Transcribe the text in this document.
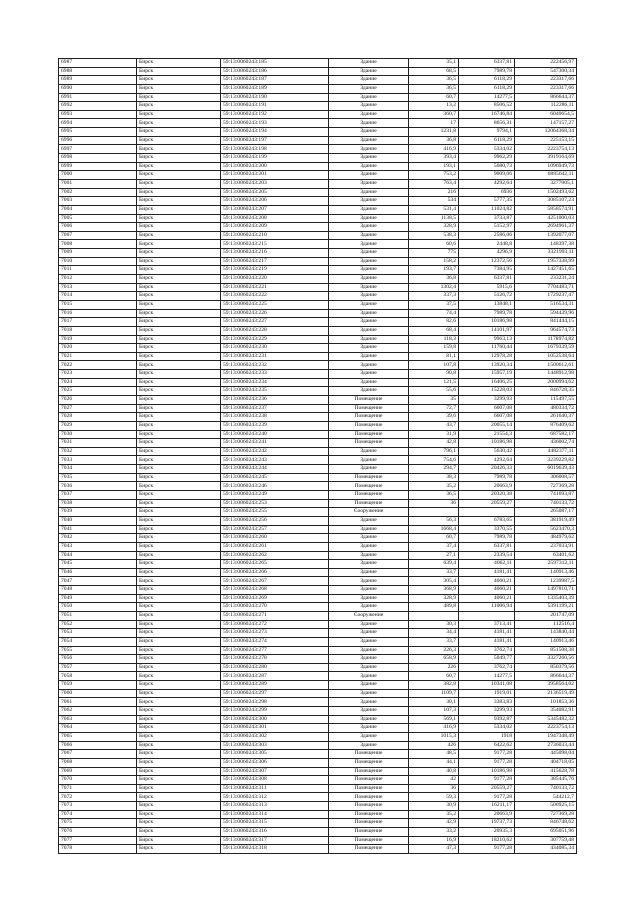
6987	Бирск	59:13:0060243:185	Здание	35,1	6337,81	222456,97
6988	Бирск	59:13:0060243:186	Здание	68,5	7989,78	547300,34
6989	Бирск	59:13:0060243:187	Здание	36,5	6118,29	223317,66
6990	Бирск	59:13:0060243:189	Здание	36,5	6118,29	223317,66
6991	Бирск	59:13:0060243:190	Здание	60,7	14277,5	866644,37
6992	Бирск	59:13:0060243:191	Здание	13,2	8506,52	112286,11
6993	Бирск	59:13:0060243:192	Здание	360,7	16746,84	6040654,5
6994	Бирск	59:13:0060243:193	Здание	17	8656,31	147157,27
6995	Бирск	59:13:0060243:194	Здание	1231,8	9794,1	12064368,34
6996	Бирск	59:13:0060243:197	Здание	36,8	6118,29	225153,15
6997	Бирск	59:13:0060243:198	Здание	416,9	5334,02	2223754,13
6998	Бирск	59:13:0060243:199	Здание	393,4	9962,29	3919164,69
6999	Бирск	59:13:0060243:200	Здание	193,1	5680,73	1096949,73
7000	Бирск	59:13:0060243:201	Здание	753,2	9009,06	6885642,11
7001	Бирск	59:13:0060243:203	Здание	763,4	4292,64	3277005,1
7002	Бирск	59:13:0060243:205	Здание	216	6936	1502493,62
7003	Бирск	59:13:0060243:206	Здание	534	5777,35	3085107,23
7004	Бирск	59:13:0060243:207	Здание	531,4	11024,82	5858574,91
7005	Бирск	59:13:0060243:208	Здание	1138,5	3733,87	4251000,03
7006	Бирск	59:13:0060243:209	Здание	328,9	5152,97	2694961,37
7007	Бирск	59:13:0060243:210	Здание	538,3	2586,06	1392077,07
7008	Бирск	59:13:0060243:215	Здание	60,6	2448,8	148397,38
7009	Бирск	59:13:0060243:216	Здание	775	4296,9	3321993,11
7010	Бирск	59:13:0060243:217	Здание	158,2	12372,56	1957338,99
7011	Бирск	59:13:0060243:219	Здание	193,7	7384,95	1427451,65
7012	Бирск	59:13:0060243:220	Здание	36,8	6337,81	233231,24
7013	Бирск	59:13:0060243:221	Здание	1302,4	5915,6	7704483,71
7014	Бирск	59:13:0060243:222	Здание	337,3	5126,72	1729237,47
7015	Бирск	59:13:0060243:225	Здание	37,5	13848,1	516534,31
7016	Бирск	59:13:0060243:226	Здание	74,4	7989,78	594439,96
7017	Бирск	59:13:0060243:227	Здание	82,6	10186,98	841444,15
7018	Бирск	59:13:0060243:228	Здание	68,4	14101,97	964574,73
7019	Бирск	59:13:0060243:229	Здание	118,3	9963,13	1178974,82
7020	Бирск	59:13:0060243:230	Здание	159,8	11760,44	1679339,59
7021	Бирск	59:13:0060243:231	Здание	81,1	12978,28	1052538,64
7022	Бирск	59:13:0060243:232	Здание	107,8	13920,34	1500612,61
7023	Бирск	59:13:0060243:233	Здание	90,8	15957,19	1448912,98
7024	Бирск	59:13:0060243:234	Здание	121,5	16406,25	2000994,62
7025	Бирск	59:13:0060243:235	Здание	55,6	15228,03	846728,35
7026	Бирск	59:13:0060243:236	Помещение	35	3299,93	115497,55
7027	Бирск	59:13:0060243:237	Помещение	72,7	6607,08	480334,72
7028	Бирск	59:13:0060243:238	Помещение	39,6	6607,08	261640,37
7029	Бирск	59:13:0060243:239	Помещение	43,7	20055,14	876409,62
7030	Бирск	59:13:0060243:240	Помещение	31,9	21554,3	687582,17
7031	Бирск	59:13:0060243:241	Помещение	42,8	10186,98	436002,74
7032	Бирск	59:13:0060243:242	Здание	796,1	5630,42	4482377,11
7033	Бирск	59:13:0060243:243	Здание	754,6	4292,64	3239229,82
7034	Бирск	59:13:0060243:244	Здание	294,7	20426,33	6019639,43
7035	Бирск	59:13:0060243:245	Помещение	38,3	7989,78	306008,57
7036	Бирск	59:13:0060243:246	Помещение	35,2	20663,9	727369,28
7037	Бирск	59:13:0060243:249	Помещение	36,5	20320,38	741693,87
7038	Бирск	59:13:0060243:253	Помещение	36	20559,27	740133,72
7039	Бирск	59:13:0060243:255	Сооружение			265087,17
7040	Бирск	59:13:0060243:256	Здание	56,3	6783,65	381919,49
7041	Бирск	59:13:0060243:257	Здание	1668,4	3370,55	5623470,3
7042	Бирск	59:13:0060243:260	Здание	60,7	7989,78	484979,62
7043	Бирск	59:13:0060243:261	Здание	37,4	6337,81	237033,91
7044	Бирск	59:13:0060243:262	Здание	27,1	2339,54	63401,62
7045	Бирск	59:13:0060243:265	Здание	639,4	4062,11	2597312,11
7046	Бирск	59:13:0060243:266	Здание	33,7	4181,41	140913,46
7047	Бирск	59:13:0060243:267	Здание	305,4	4060,21	1239987,5
7048	Бирск	59:13:0060243:268	Здание	368,9	4060,21	1497810,71
7049	Бирск	59:13:0060243:269	Здание	328,9	4060,21	1335403,39
7050	Бирск	59:13:0060243:270	Здание	489,8	11006,94	5391199,21
7051	Бирск	59:13:0060243:271	Сооружение			201747,09
7052	Бирск	59:13:0060243:272	Здание	30,3	3713,41	112516,4
7053	Бирск	59:13:0060243:273	Здание	34,4	4181,41	143840,44
7054	Бирск	59:13:0060243:274	Здание	33,7	4181,41	140913,46
7055	Бирск	59:13:0060243:277	Здание	226,3	3762,74	851508,38
7056	Бирск	59:13:0060243:278	Здание	658,9	5049,77	3327260,56
7057	Бирск	59:13:0060243:280	Здание	226	3762,74	850379,56
7058	Бирск	59:13:0060243:287	Здание	60,7	14277,5	866644,37
7059	Бирск	59:13:0060243:289	Здание	382,8	10341,08	3958564,02
7060	Бирск	59:13:0060243:297	Здание	1109,7	1919,01	2136519,49
7061	Бирск	59:13:0060243:298	Здание	30,1	3383,83	101853,36
7062	Бирск	59:13:0060243:299	Здание	107,3	3299,93	354082,91
7063	Бирск	59:13:0060243:300	Здание	569,1	9392,87	5345482,32
7064	Бирск	59:13:0060243:301	Здание	416,9	5334,02	2223754,13
7065	Бирск	59:13:0060243:302	Здание	1015,3	1918	1947348,49
7066	Бирск	59:13:0060243:303	Здание	426	6422,62	2736033,44
7067	Бирск	59:13:0060243:305	Помещение	48,5	9177,28	445098,04
7068	Бирск	59:13:0060243:306	Помещение	44,1	9177,28	404718,05
7069	Бирск	59:13:0060243:307	Помещение	40,8	10186,98	415628,78
7070	Бирск	59:13:0060243:308	Помещение	42	9177,28	385445,76
7071	Бирск	59:13:0060243:311	Помещение	36	20559,27	740133,72
7072	Бирск	59:13:0060243:312	Помещение	59,3	9177,28	544212,7
7073	Бирск	59:13:0060243:313	Помещение	30,9	16211,17	500925,15
7074	Бирск	59:13:0060243:314	Помещение	35,2	20663,9	727369,28
7075	Бирск	59:13:0060243:315	Помещение	42,9	19737,73	846748,62
7076	Бирск	59:13:0060243:316	Помещение	33,2	20935,3	695051,96
7077	Бирск	59:13:0060243:317	Помещение	16,9	18210,62	307759,48
7078	Бирск	59:13:0060243:318	Помещение	47,3	9177,28	434085,34
